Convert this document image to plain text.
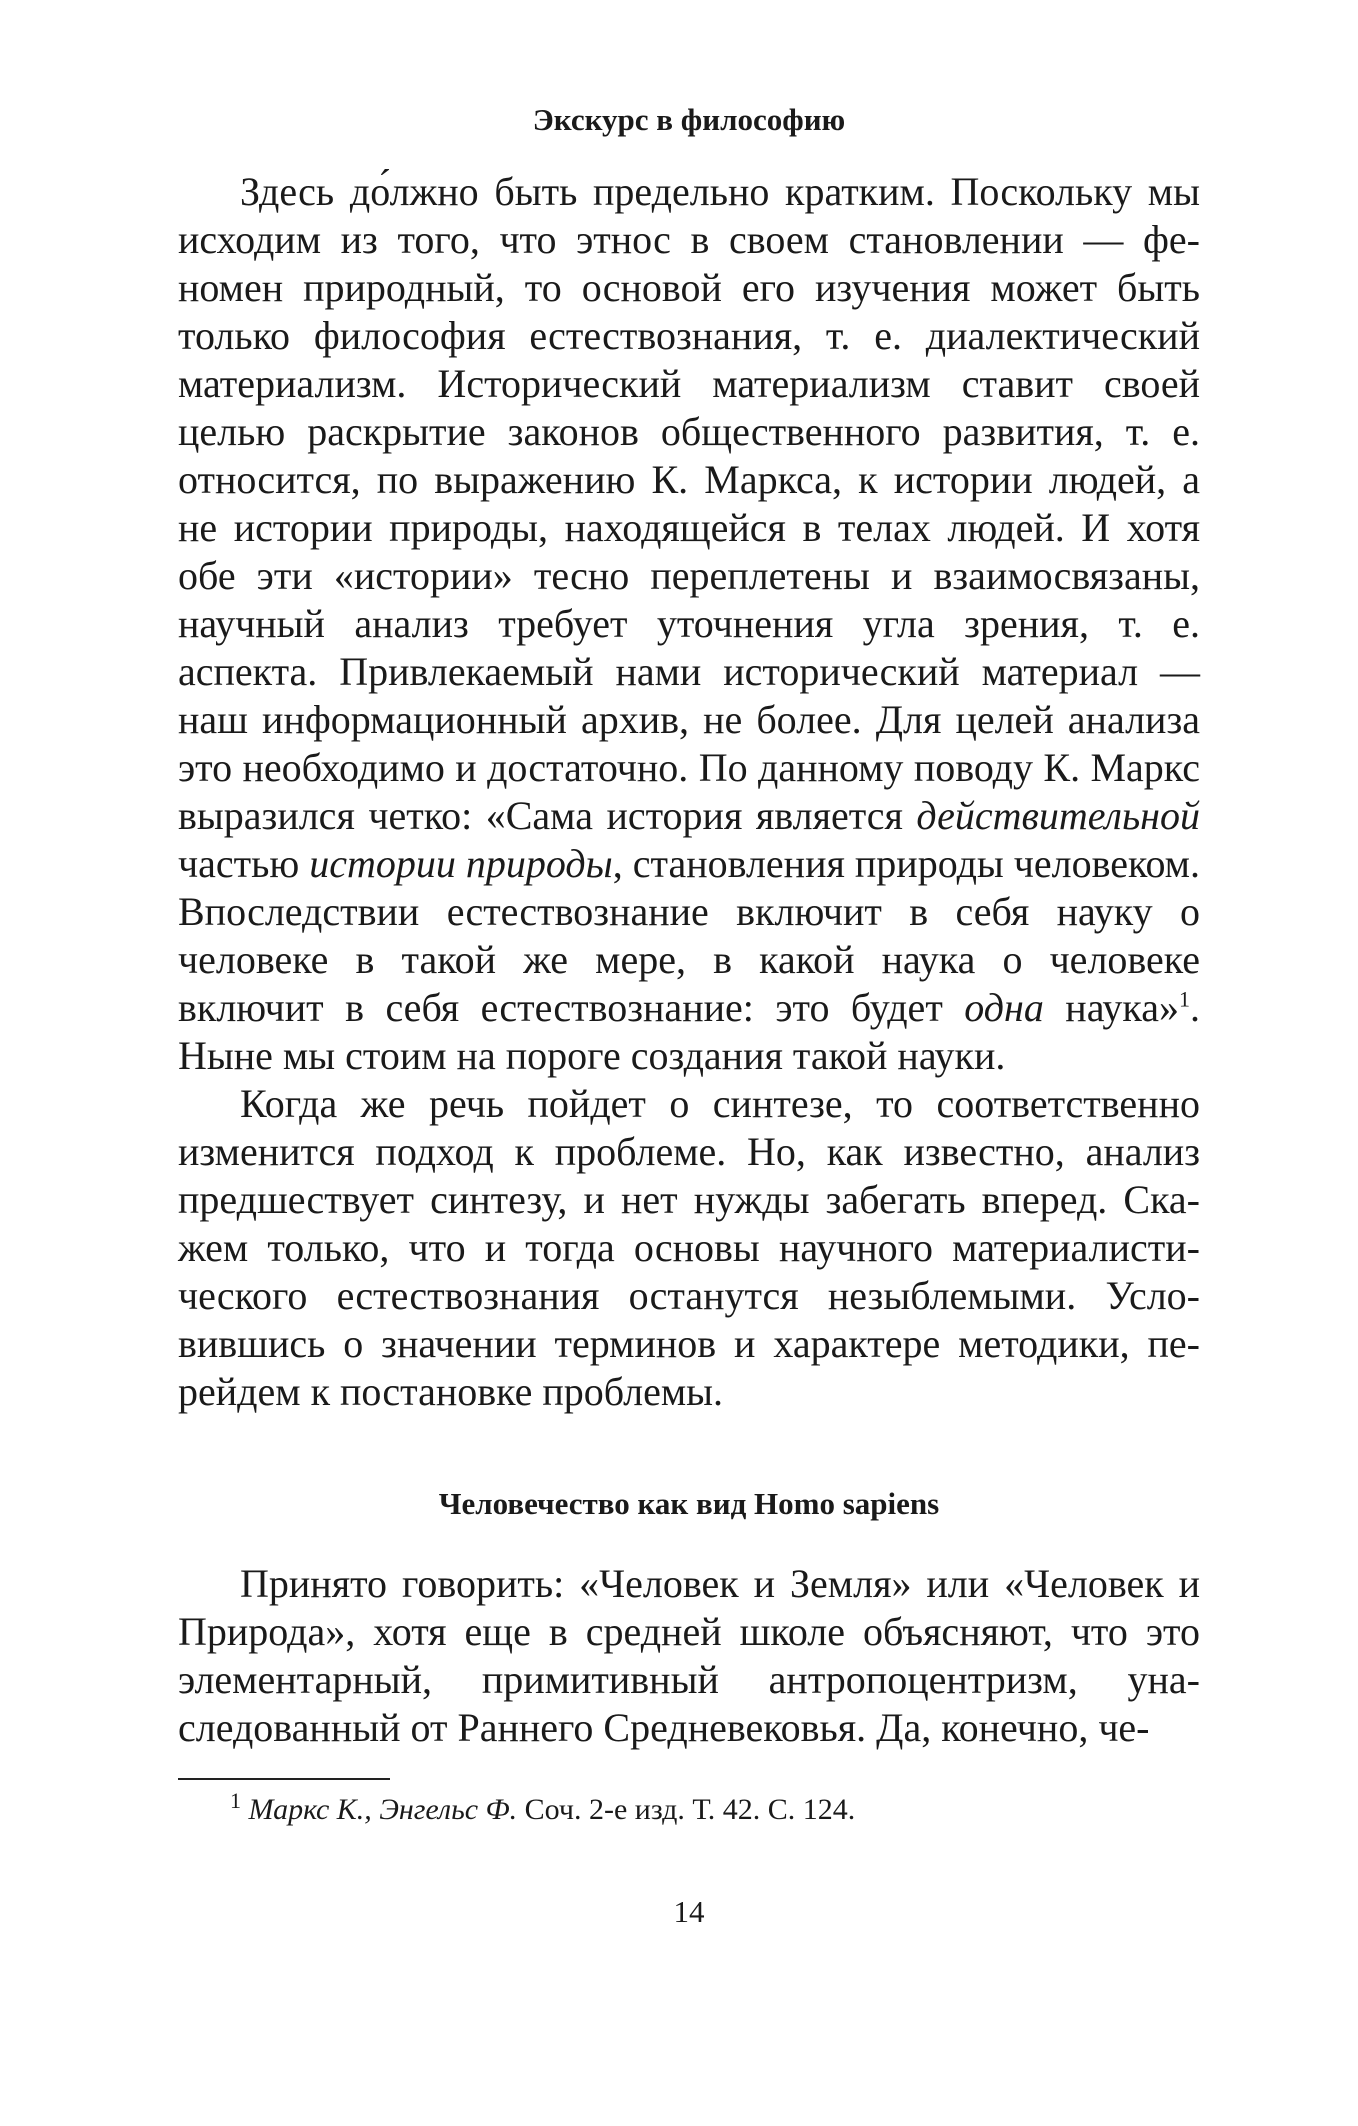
Экскурс в философию

Здесь до́лжно быть предельно кратким. Поскольку мы исходим из того, что этнос в своем становлении — феномен природный, то основой его изучения может быть только философия естествознания, т. е. диалектический материализм. Исторический материализм ставит своей целью раскрытие законов общественного развития, т. е. относится, по выражению К. Маркса, к истории людей, а не истории природы, находящейся в телах людей. И хотя обе эти «истории» тесно переплетены и взаимосвязаны, научный анализ требует уточнения угла зрения, т. е. аспекта. Привлекаемый нами исторический материал — наш информационный архив, не более. Для целей анализа это необходимо и достаточно. По данному поводу К. Маркс выразился четко: «Сама история является действительной частью истории природы, становления природы человеком. Впоследствии естествознание включит в себя науку о человеке в такой же мере, в какой наука о человеке включит в себя естествознание: это будет одна наука»$^1$. Ныне мы стоим на пороге создания такой науки.

Когда же речь пойдет о синтезе, то соответственно изменится подход к проблеме. Но, как известно, анализ предшествует синтезу, и нет нужды забегать вперед. Скажем только, что и тогда основы научного материалистического естествознания останутся незыблемыми. Условившись о значении терминов и характере методики, перейдем к постановке проблемы.

Человечество как вид Homo sapiens

Принято говорить: «Человек и Земля» или «Человек и Природа», хотя еще в средней школе объясняют, что это элементарный, примитивный антропоцентризм, унаследованный от Раннего Средневековья. Да, конечно, че-

$^1$ Маркс К., Энгельс Ф. Соч. 2-е изд. Т. 42. С. 124.

14
